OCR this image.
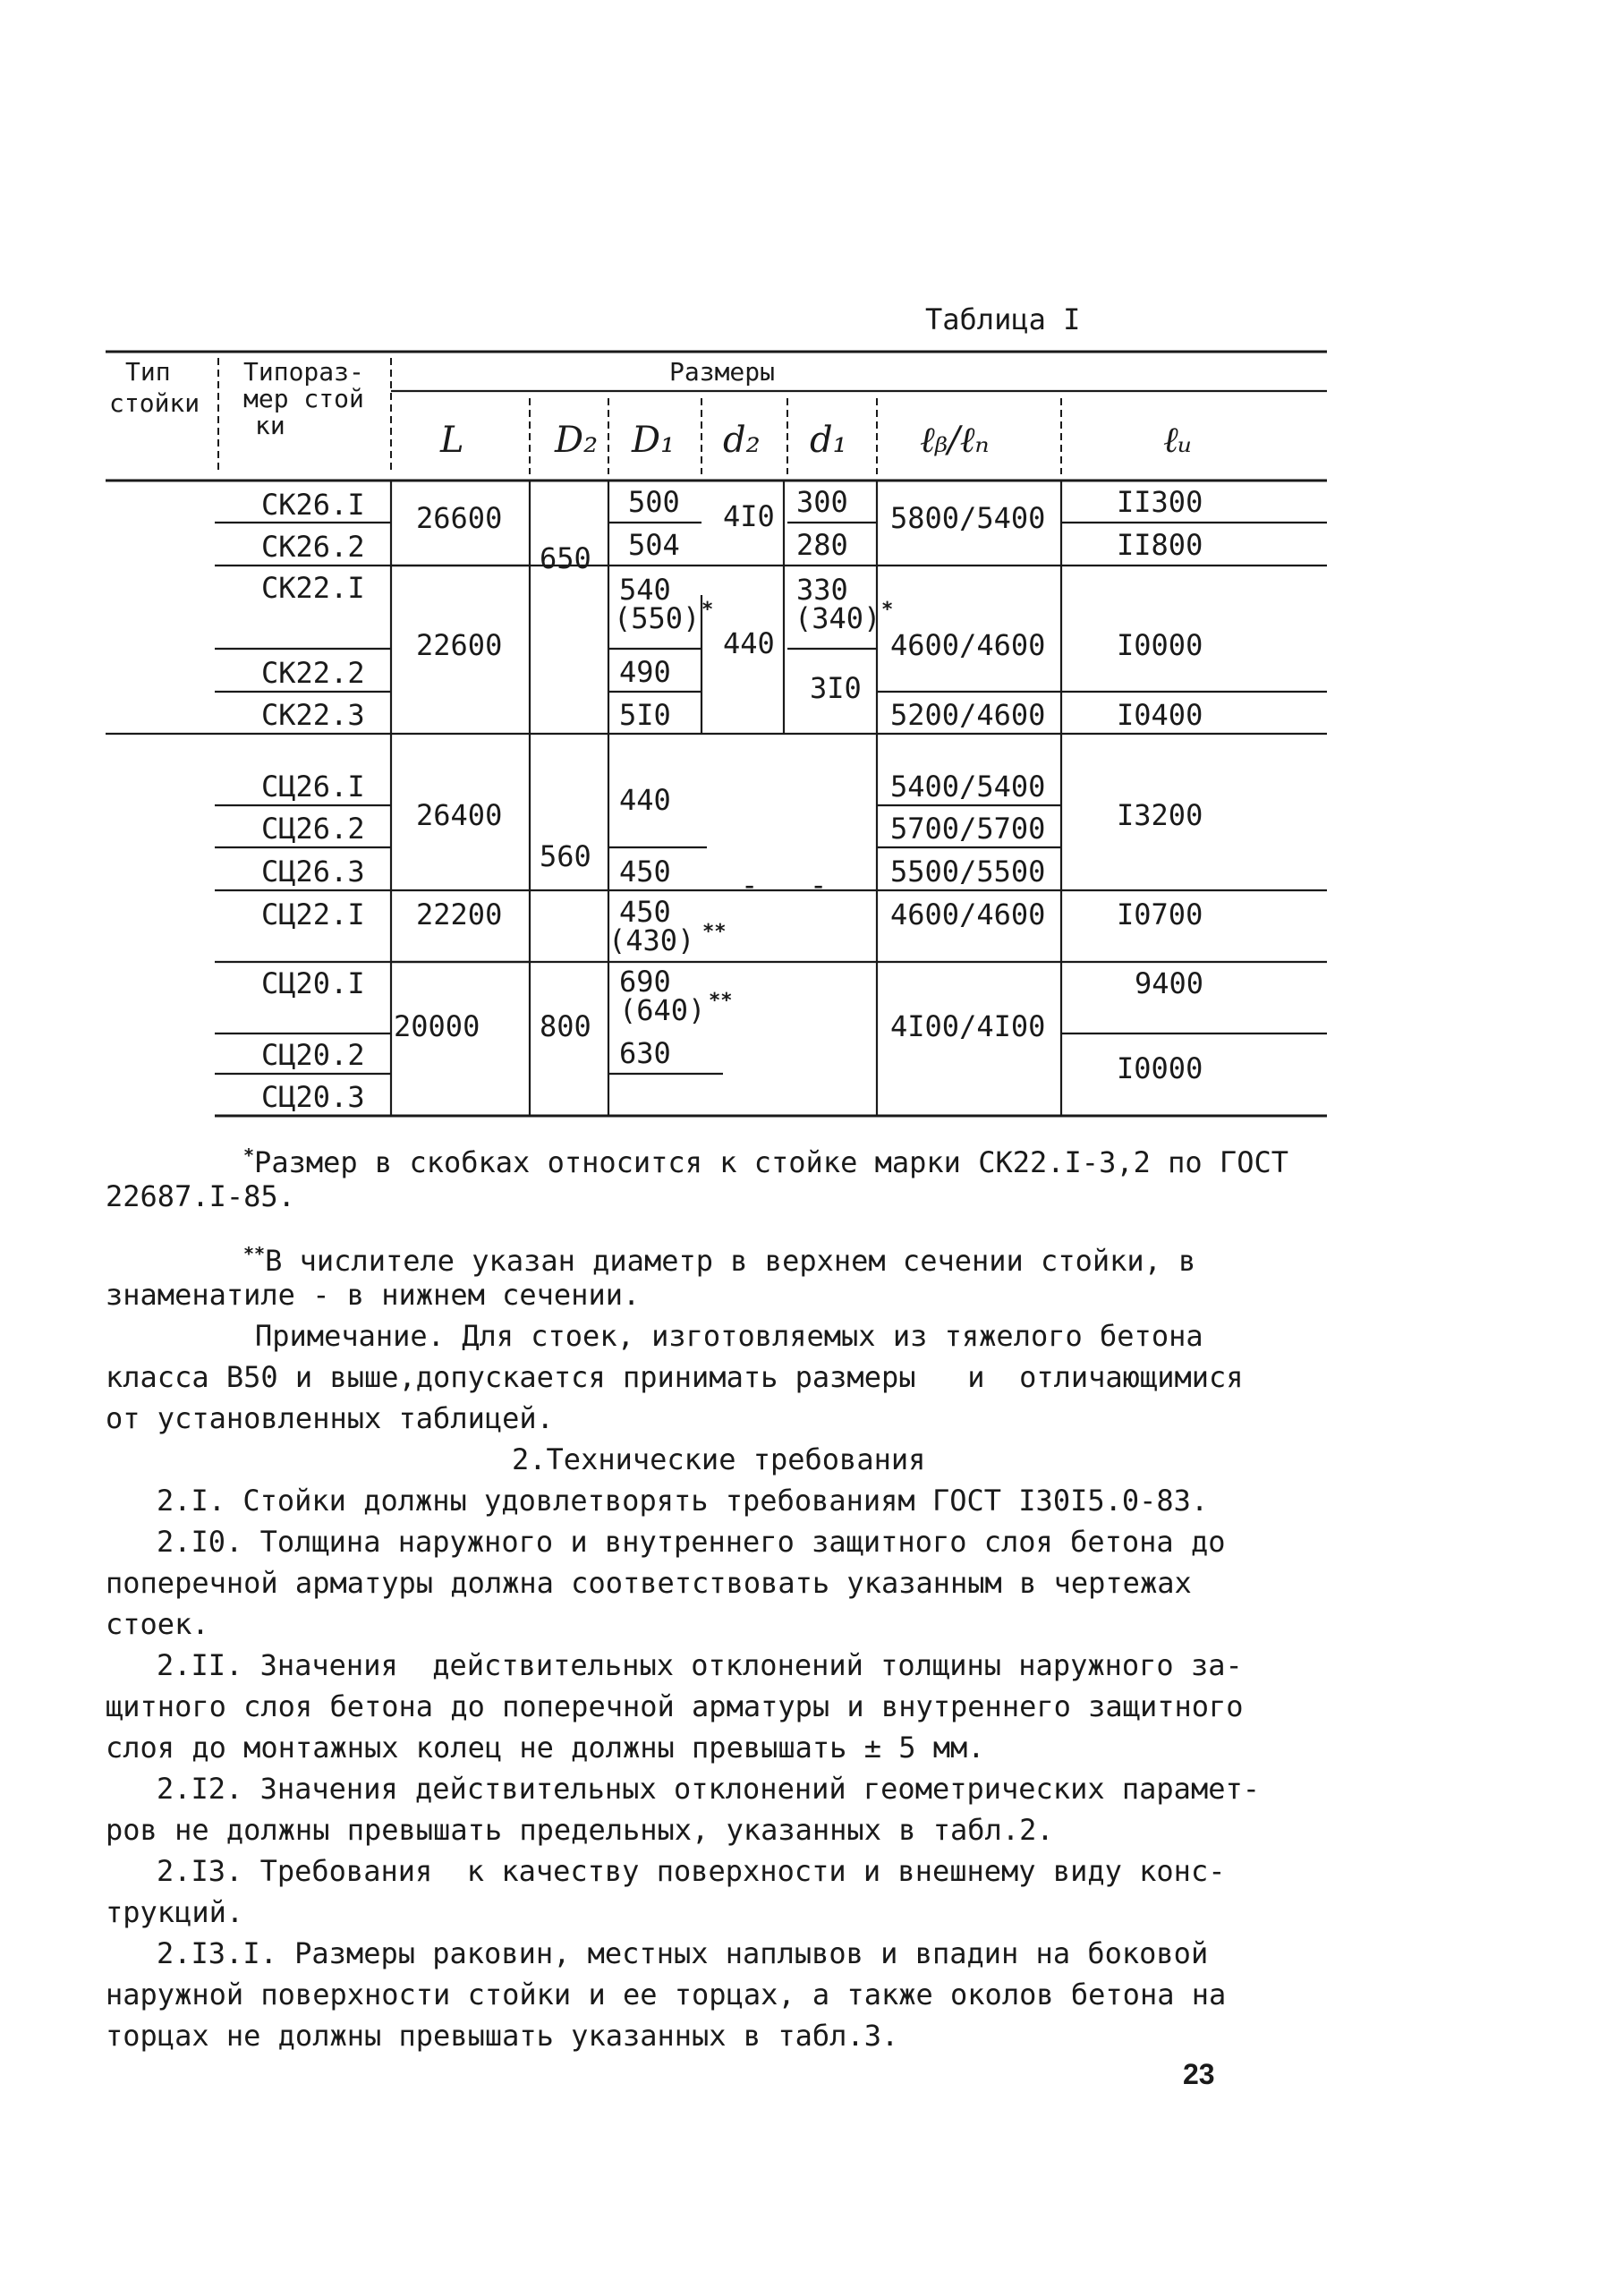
Таблица I
Тип
стойки
Типораз-
мер стой
ки
Размеры
L	D₂ D₁ d₂ d₁ ℓᵦ/ℓₙ	ℓᵤ
СК26.I
СК26.2
СК22.I
СК22.2
СК22.3
СЦ26.I
СЦ26.2
СЦ26.3
СЦ22.I
СЦ20.I
СЦ20.2
СЦ20.3
26600
22600
26400
22200
20000
650
560
800
500
504
540
(550) *
490
5I0
440
450
450
(430) **
690
(640) **
630
4I0
440
-
300
280
330
(340) *
3I0
-
5800/5400
4600/4600
5200/4600
5400/5400
5700/5700
5500/5500
4600/4600
4I00/4I00
II300
II800
I0000
I0400
I3200
I0700
9400
I0000

*Размер в скобках относится к стойке марки СК22.I-3,2 по ГОСТ

22687.I-85.

**В числителе указан диаметр в верхнем сечении стойки, в

знаменатиле - в нижнем сечении.

Примечание. Для стоек, изготовляемых из тяжелого бетона

класса В50 и выше,допускается принимать размеры   и  отличающимися

от установленных таблицей.

2.Технические требования

2.I. Стойки должны удовлетворять требованиям ГОСТ I30I5.0-83.

2.I0. Толщина наружного и внутреннего защитного слоя бетона до

поперечной арматуры должна соответствовать указанным в чертежах

стоек.

2.II. Значения  действительных отклонений толщины наружного за-

щитного слоя бетона до поперечной арматуры и внутреннего защитного

слоя до монтажных колец не должны превышать ± 5 мм.

2.I2. Значения действительных отклонений геометрических парамет-

ров не должны превышать предельных, указанных в табл.2.

2.I3. Требования  к качеству поверхности и внешнему виду конс-

трукций.

2.I3.I. Размеры раковин, местных наплывов и впадин на боковой

наружной поверхности стойки и ее торцах, а также околов бетона на

торцах не должны превышать указанных в табл.3.

23
